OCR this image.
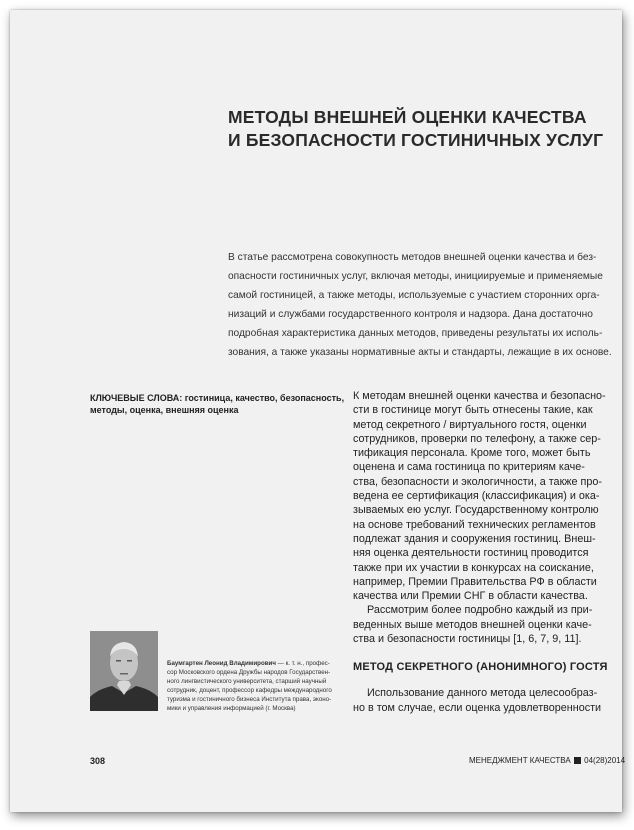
МЕТОДЫ ВНЕШНЕЙ ОЦЕНКИ КАЧЕСТВА
И БЕЗОПАСНОСТИ ГОСТИНИЧНЫХ УСЛУГ
В статье рассмотрена совокупность методов внешней оценки качества и без-
опасности гостиничных услуг, включая методы, инициируемые и применяемые
самой гостиницей, а также методы, используемые с участием сторонних орга-
низаций и службами государственного контроля и надзора. Дана достаточно
подробная характеристика данных методов, приведены результаты их исполь-
зования, а также указаны нормативные акты и стандарты, лежащие в их основе.
КЛЮЧЕВЫЕ СЛОВА: гостиница, качество, безопасность,
методы, оценка, внешняя оценка
К методам внешней оценки качества и безопасно-
сти в гостинице могут быть отнесены такие, как
метод секретного / виртуального гостя, оценки
сотрудников, проверки по телефону, а также сер-
тификация персонала. Кроме того, может быть
оценена и сама гостиница по критериям каче-
ства, безопасности и экологичности, а также про-
ведена ее сертификация (классификация) и ока-
зываемых ею услуг. Государственному контролю
на основе требований технических регламентов
подлежат здания и сооружения гостиниц. Внеш-
няя оценка деятельности гостиниц проводится
также при их участии в конкурсах на соискание,
например, Премии Правительства РФ в области
качества или Премии СНГ в области качества.
Рассмотрим более подробно каждый из при-
веденных выше методов внешней оценки каче-
ства и безопасности гостиницы [1, 6, 7, 9, 11].
МЕТОД СЕКРЕТНОГО (АНОНИМНОГО) ГОСТЯ
Использование данного метода целесообраз-
но в том случае, если оценка удовлетворенности
Баумгартен Леонид Владимирович — к. т. н., профес-
сор Московского ордена Дружбы народов Государствен-
ного лингвистического университета, старший научный
сотрудник, доцент, профессор кафедры международного
туризма и гостиничного бизнеса Института права, эконо-
мики и управления информацией (г. Москва)
308	МЕНЕДЖМЕНТ КАЧЕСТВА 04(28)2014
